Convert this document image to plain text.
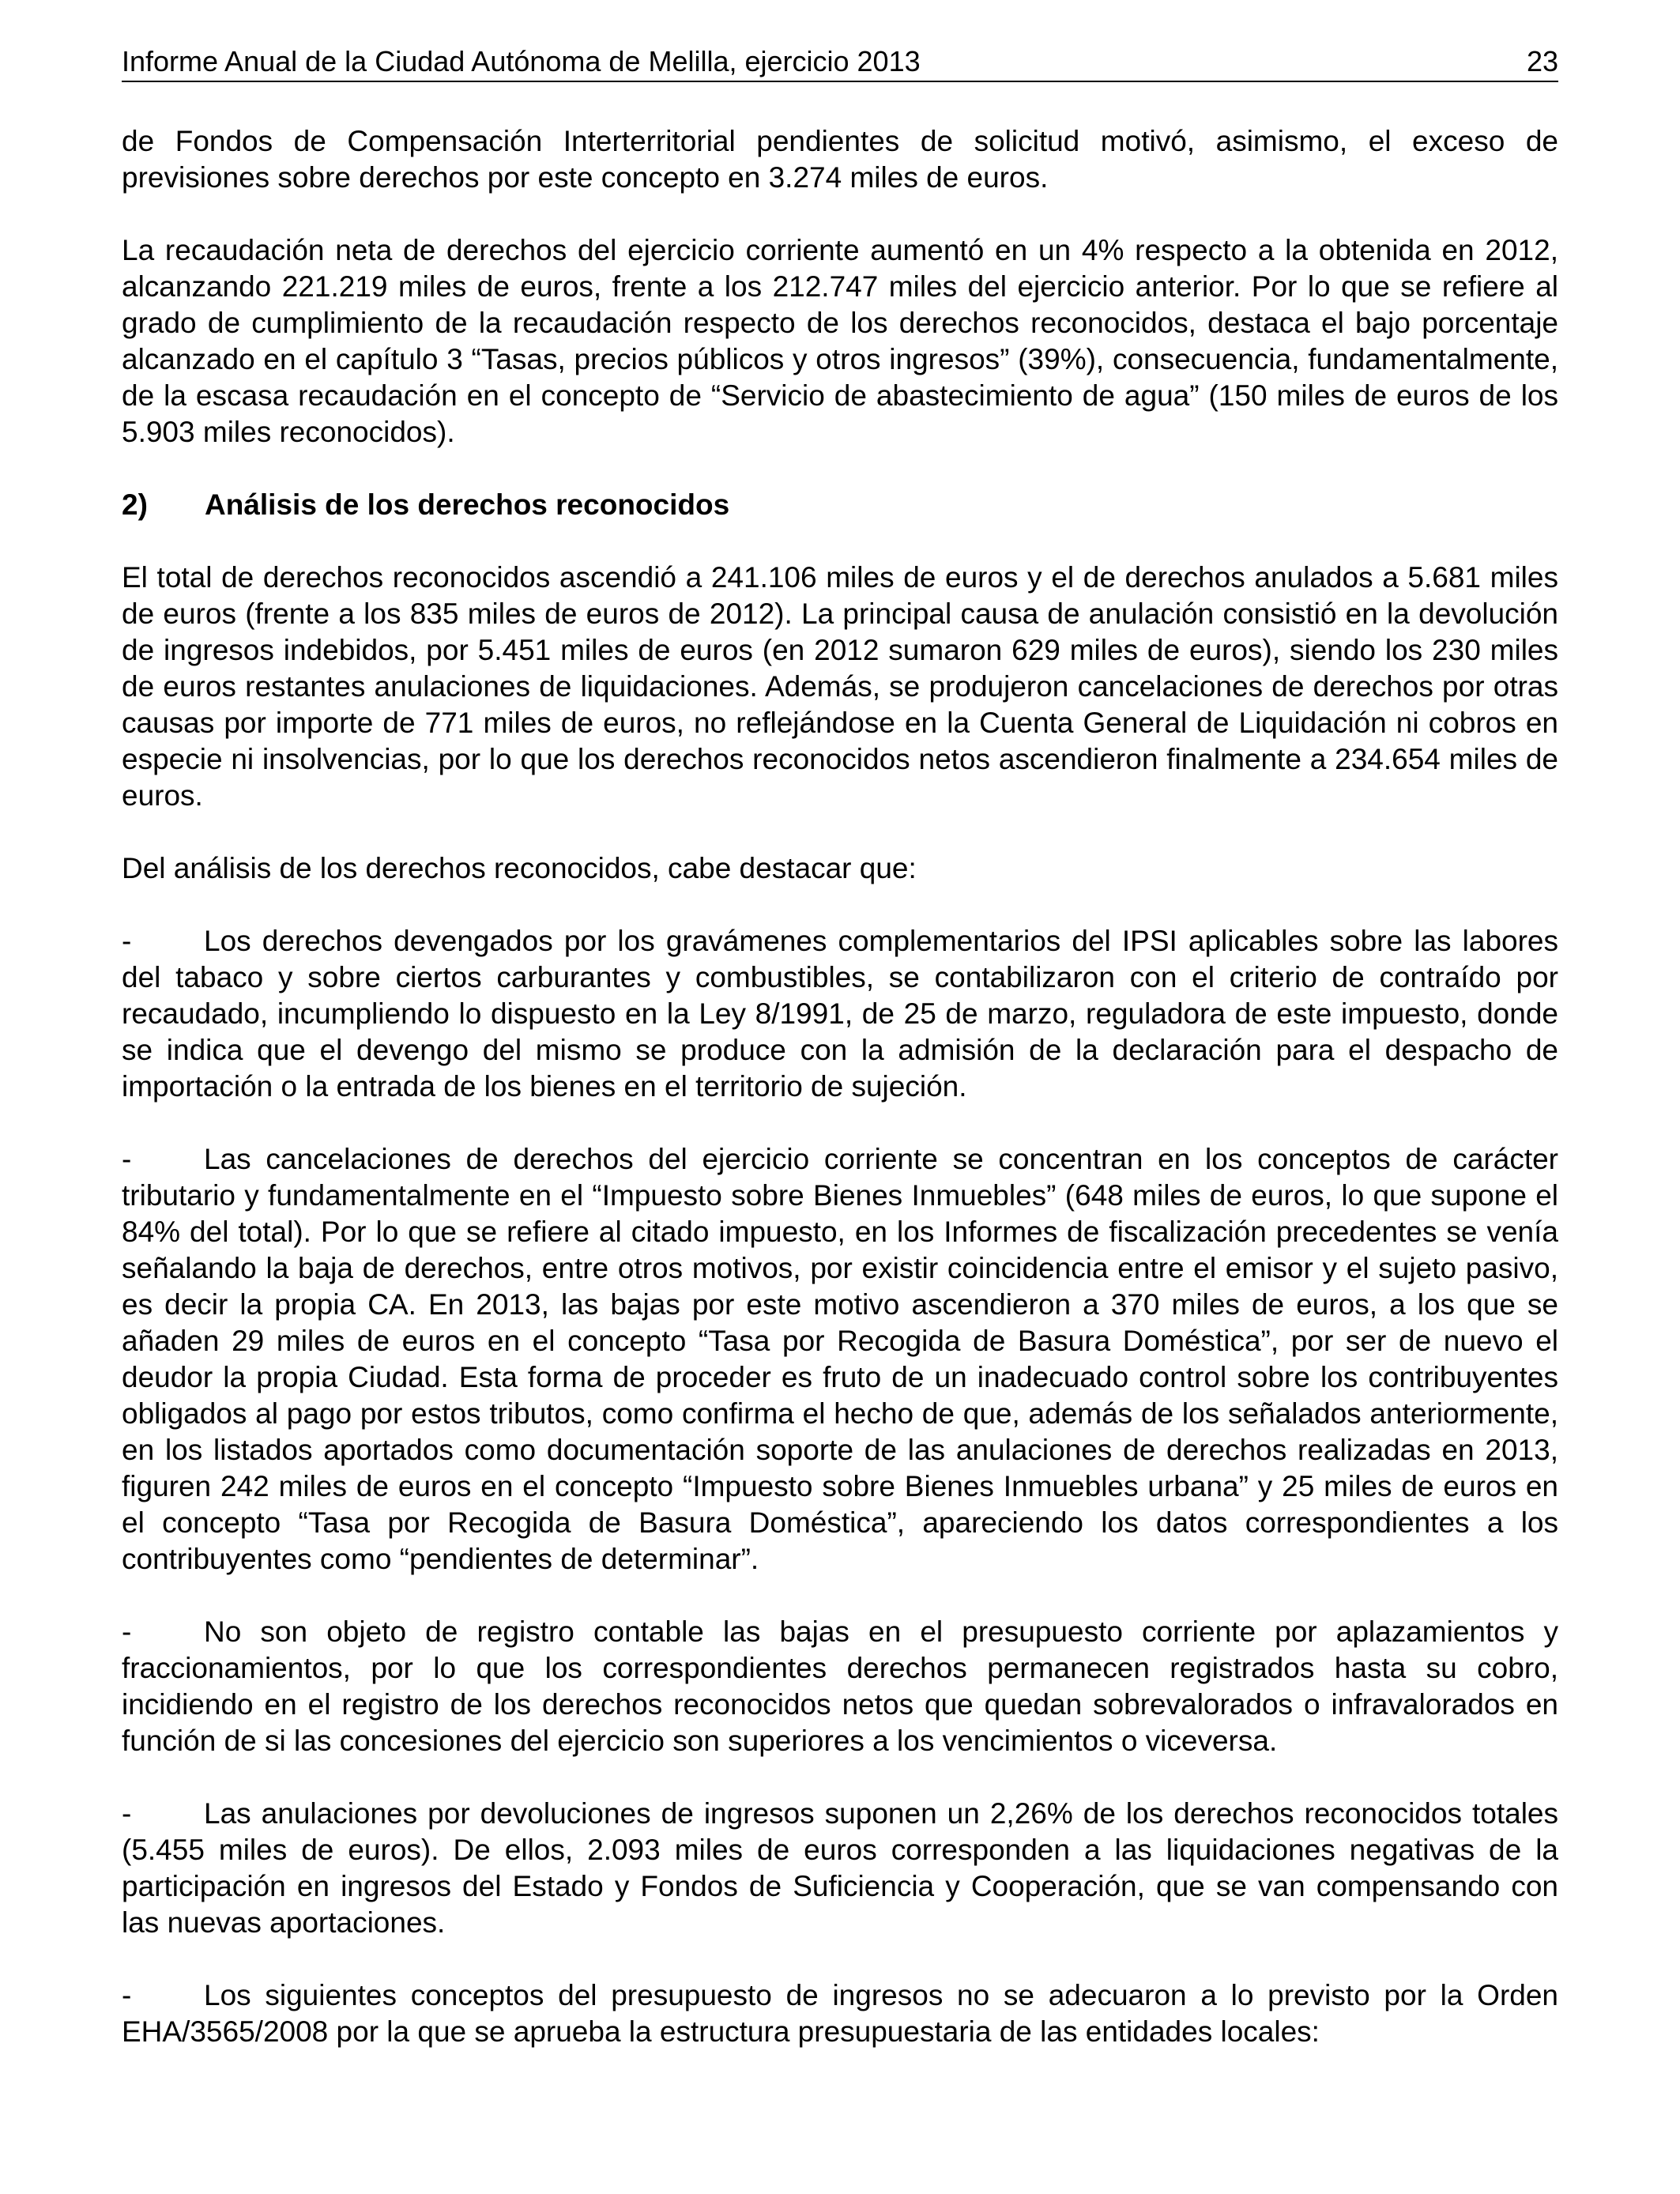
Informe Anual de la Ciudad Autónoma de Melilla, ejercicio 2013	23

de Fondos de Compensación Interterritorial pendientes de solicitud motivó, asimismo, el exceso de previsiones sobre derechos por este concepto en 3.274 miles de euros.

La recaudación neta de derechos del ejercicio corriente aumentó en un 4% respecto a la obtenida en 2012, alcanzando 221.219 miles de euros, frente a los 212.747 miles del ejercicio anterior. Por lo que se refiere al grado de cumplimiento de la recaudación respecto de los derechos reconocidos, destaca el bajo porcentaje alcanzado en el capítulo 3 “Tasas, precios públicos y otros ingresos” (39%), consecuencia, fundamentalmente, de la escasa recaudación en el concepto de “Servicio de abastecimiento de agua” (150 miles de euros de los 5.903 miles reconocidos).

2)	Análisis de los derechos reconocidos

El total de derechos reconocidos ascendió a 241.106 miles de euros y el de derechos anulados a 5.681 miles de euros (frente a los 835 miles de euros de 2012). La principal causa de anulación consistió en la devolución de ingresos indebidos, por 5.451 miles de euros (en 2012 sumaron 629 miles de euros), siendo los 230 miles de euros restantes anulaciones de liquidaciones. Además, se produjeron cancelaciones de derechos por otras causas por importe de 771 miles de euros, no reflejándose en la Cuenta General de Liquidación ni cobros en especie ni insolvencias, por lo que los derechos reconocidos netos ascendieron finalmente a 234.654 miles de euros.

Del análisis de los derechos reconocidos, cabe destacar que:

- Los derechos devengados por los gravámenes complementarios del IPSI aplicables sobre las labores del tabaco y sobre ciertos carburantes y combustibles, se contabilizaron con el criterio de contraído por recaudado, incumpliendo lo dispuesto en la Ley 8/1991, de 25 de marzo, reguladora de este impuesto, donde se indica que el devengo del mismo se produce con la admisión de la declaración para el despacho de importación o la entrada de los bienes en el territorio de sujeción.

- Las cancelaciones de derechos del ejercicio corriente se concentran en los conceptos de carácter tributario y fundamentalmente en el “Impuesto sobre Bienes Inmuebles” (648 miles de euros, lo que supone el 84% del total). Por lo que se refiere al citado impuesto, en los Informes de fiscalización precedentes se venía señalando la baja de derechos, entre otros motivos, por existir coincidencia entre el emisor y el sujeto pasivo, es decir la propia CA. En 2013, las bajas por este motivo ascendieron a 370 miles de euros, a los que se añaden 29 miles de euros en el concepto “Tasa por Recogida de Basura Doméstica”, por ser de nuevo el deudor la propia Ciudad. Esta forma de proceder es fruto de un inadecuado control sobre los contribuyentes obligados al pago por estos tributos, como confirma el hecho de que, además de los señalados anteriormente, en los listados aportados como documentación soporte de las anulaciones de derechos realizadas en 2013, figuren 242 miles de euros en el concepto “Impuesto sobre Bienes Inmuebles urbana” y 25 miles de euros en el concepto “Tasa por Recogida de Basura Doméstica”, apareciendo los datos correspondientes a los contribuyentes como “pendientes de determinar”.

- No son objeto de registro contable las bajas en el presupuesto corriente por aplazamientos y fraccionamientos, por lo que los correspondientes derechos permanecen registrados hasta su cobro, incidiendo en el registro de los derechos reconocidos netos que quedan sobrevalorados o infravalorados en función de si las concesiones del ejercicio son superiores a los vencimientos o viceversa.

- Las anulaciones por devoluciones de ingresos suponen un 2,26% de los derechos reconocidos totales (5.455 miles de euros). De ellos, 2.093 miles de euros corresponden a las liquidaciones negativas de la participación en ingresos del Estado y Fondos de Suficiencia y Cooperación, que se van compensando con las nuevas aportaciones.

- Los siguientes conceptos del presupuesto de ingresos no se adecuaron a lo previsto por la Orden EHA/3565/2008 por la que se aprueba la estructura presupuestaria de las entidades locales:
